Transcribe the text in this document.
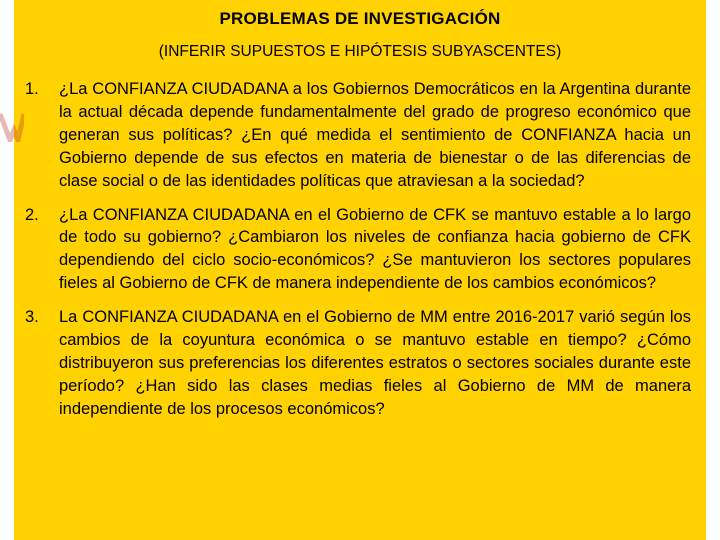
PROBLEMAS DE INVESTIGACIÓN
(INFERIR SUPUESTOS E HIPÓTESIS SUBYASCENTES)
1. ¿La CONFIANZA CIUDADANA a los Gobiernos Democráticos en la Argentina durante la actual década depende fundamentalmente del grado de progreso económico que generan sus políticas? ¿En qué medida el sentimiento de CONFIANZA hacia un Gobierno depende de sus efectos en materia de bienestar o de las diferencias de clase social o de las identidades políticas que atraviesan a la sociedad?
2. ¿La CONFIANZA CIUDADANA en el Gobierno de CFK se mantuvo estable a lo largo de todo su gobierno? ¿Cambiaron los niveles de confianza hacia gobierno de CFK dependiendo del ciclo socio-económicos? ¿Se mantuvieron los sectores populares fieles al Gobierno de CFK de manera independiente de los cambios económicos?
3. La CONFIANZA CIUDADANA en el Gobierno de MM entre 2016-2017 varió según los cambios de la coyuntura económica o se mantuvo estable en tiempo? ¿Cómo distribuyeron sus preferencias los diferentes estratos o sectores sociales durante este período? ¿Han sido las clases medias fieles al Gobierno de MM de manera independiente de los procesos económicos?
